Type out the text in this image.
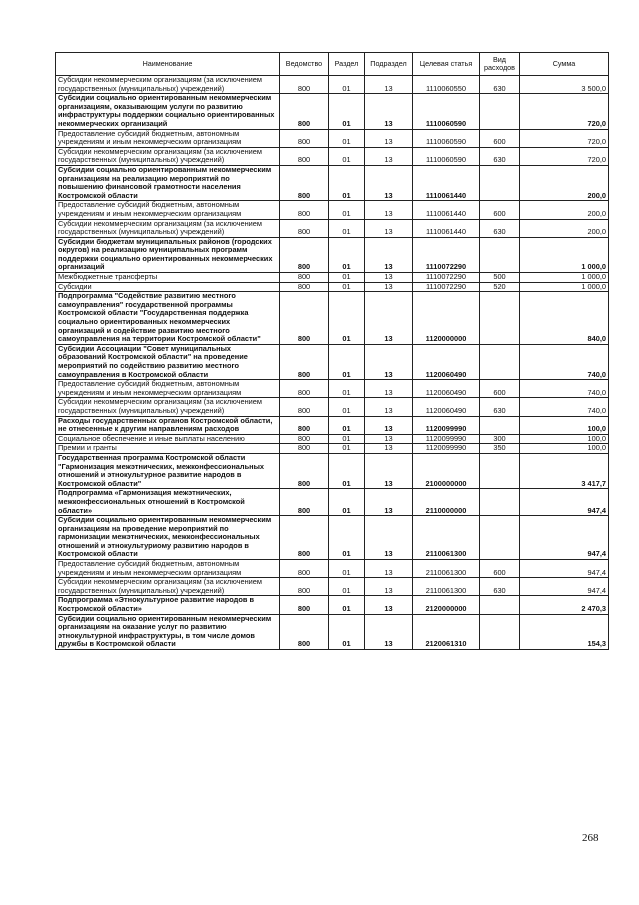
Наименование	Ведомство	Раздел	Подраздел	Целевая статья	Вид расходов	Сумма
Субсидии некоммерческим организациям (за исключением государственных (муниципальных) учреждений)	800	01	13	1110060550	630	3 500,0
Субсидии социально ориентированным некоммерческим организациям, оказывающим услуги по развитию инфраструктуры поддержки социально ориентированных некоммерческих организаций	800	01	13	1110060590		720,0
Предоставление субсидий бюджетным, автономным учреждениям и иным некоммерческим организациям	800	01	13	1110060590	600	720,0
Субсидии некоммерческим организациям (за исключением государственных (муниципальных) учреждений)	800	01	13	1110060590	630	720,0
Субсидии социально ориентированным некоммерческим организациям на реализацию мероприятий по повышению финансовой грамотности населения Костромской области	800	01	13	1110061440		200,0
Предоставление субсидий бюджетным, автономным учреждениям и иным некоммерческим организациям	800	01	13	1110061440	600	200,0
Субсидии некоммерческим организациям (за исключением государственных (муниципальных) учреждений)	800	01	13	1110061440	630	200,0
Субсидии бюджетам муниципальных районов (городских округов) на реализацию муниципальных программ поддержки социально ориентированных некоммерческих организаций	800	01	13	1110072290		1 000,0
Межбюджетные трансферты	800	01	13	1110072290	500	1 000,0
Субсидии	800	01	13	1110072290	520	1 000,0
Подпрограмма "Содействие развитию местного самоуправления" государственной программы Костромской области "Государственная поддержка социально ориентированных некоммерческих организаций и содействие развитию местного самоуправления на территории Костромской области"	800	01	13	1120000000		840,0
Субсидии Ассоциации "Совет муниципальных образований Костромской области" на проведение мероприятий по содействию развитию местного самоуправления в Костромской области	800	01	13	1120060490		740,0
Предоставление субсидий бюджетным, автономным учреждениям и иным некоммерческим организациям	800	01	13	1120060490	600	740,0
Субсидии некоммерческим организациям (за исключением государственных (муниципальных) учреждений)	800	01	13	1120060490	630	740,0
Расходы государственных органов Костромской области, не отнесенные к другим направлениям расходов	800	01	13	1120099990		100,0
Социальное обеспечение и иные выплаты населению	800	01	13	1120099990	300	100,0
Премии и гранты	800	01	13	1120099990	350	100,0
Государственная программа Костромской области "Гармонизация межэтнических, межконфессиональных отношений и этнокультурное развитие народов в Костромской области"	800	01	13	2100000000		3 417,7
Подпрограмма «Гармонизация межэтнических, межконфессиональных отношений в Костромской области»	800	01	13	2110000000		947,4
Субсидии социально ориентированным некоммерческим организациям на проведение мероприятий по гармонизации межэтнических, межконфессиональных отношений и этнокультуриому развитию народов в Костромской области	800	01	13	2110061300		947,4
Предоставление субсидий бюджетным, автономным учреждениям и иным некоммерческим организациям	800	01	13	2110061300	600	947,4
Субсидии некоммерческим организациям (за исключением государственных (муниципальных) учреждений)	800	01	13	2110061300	630	947,4
Подпрограмма «Этнокультурное развитие народов в Костромской области»	800	01	13	2120000000		2 470,3
Субсидии социально ориентированным некоммерческим организациям на оказание услуг по развитию этнокультурной инфраструктуры, в том числе домов дружбы в Костромской области	800	01	13	2120061310		154,3
268
